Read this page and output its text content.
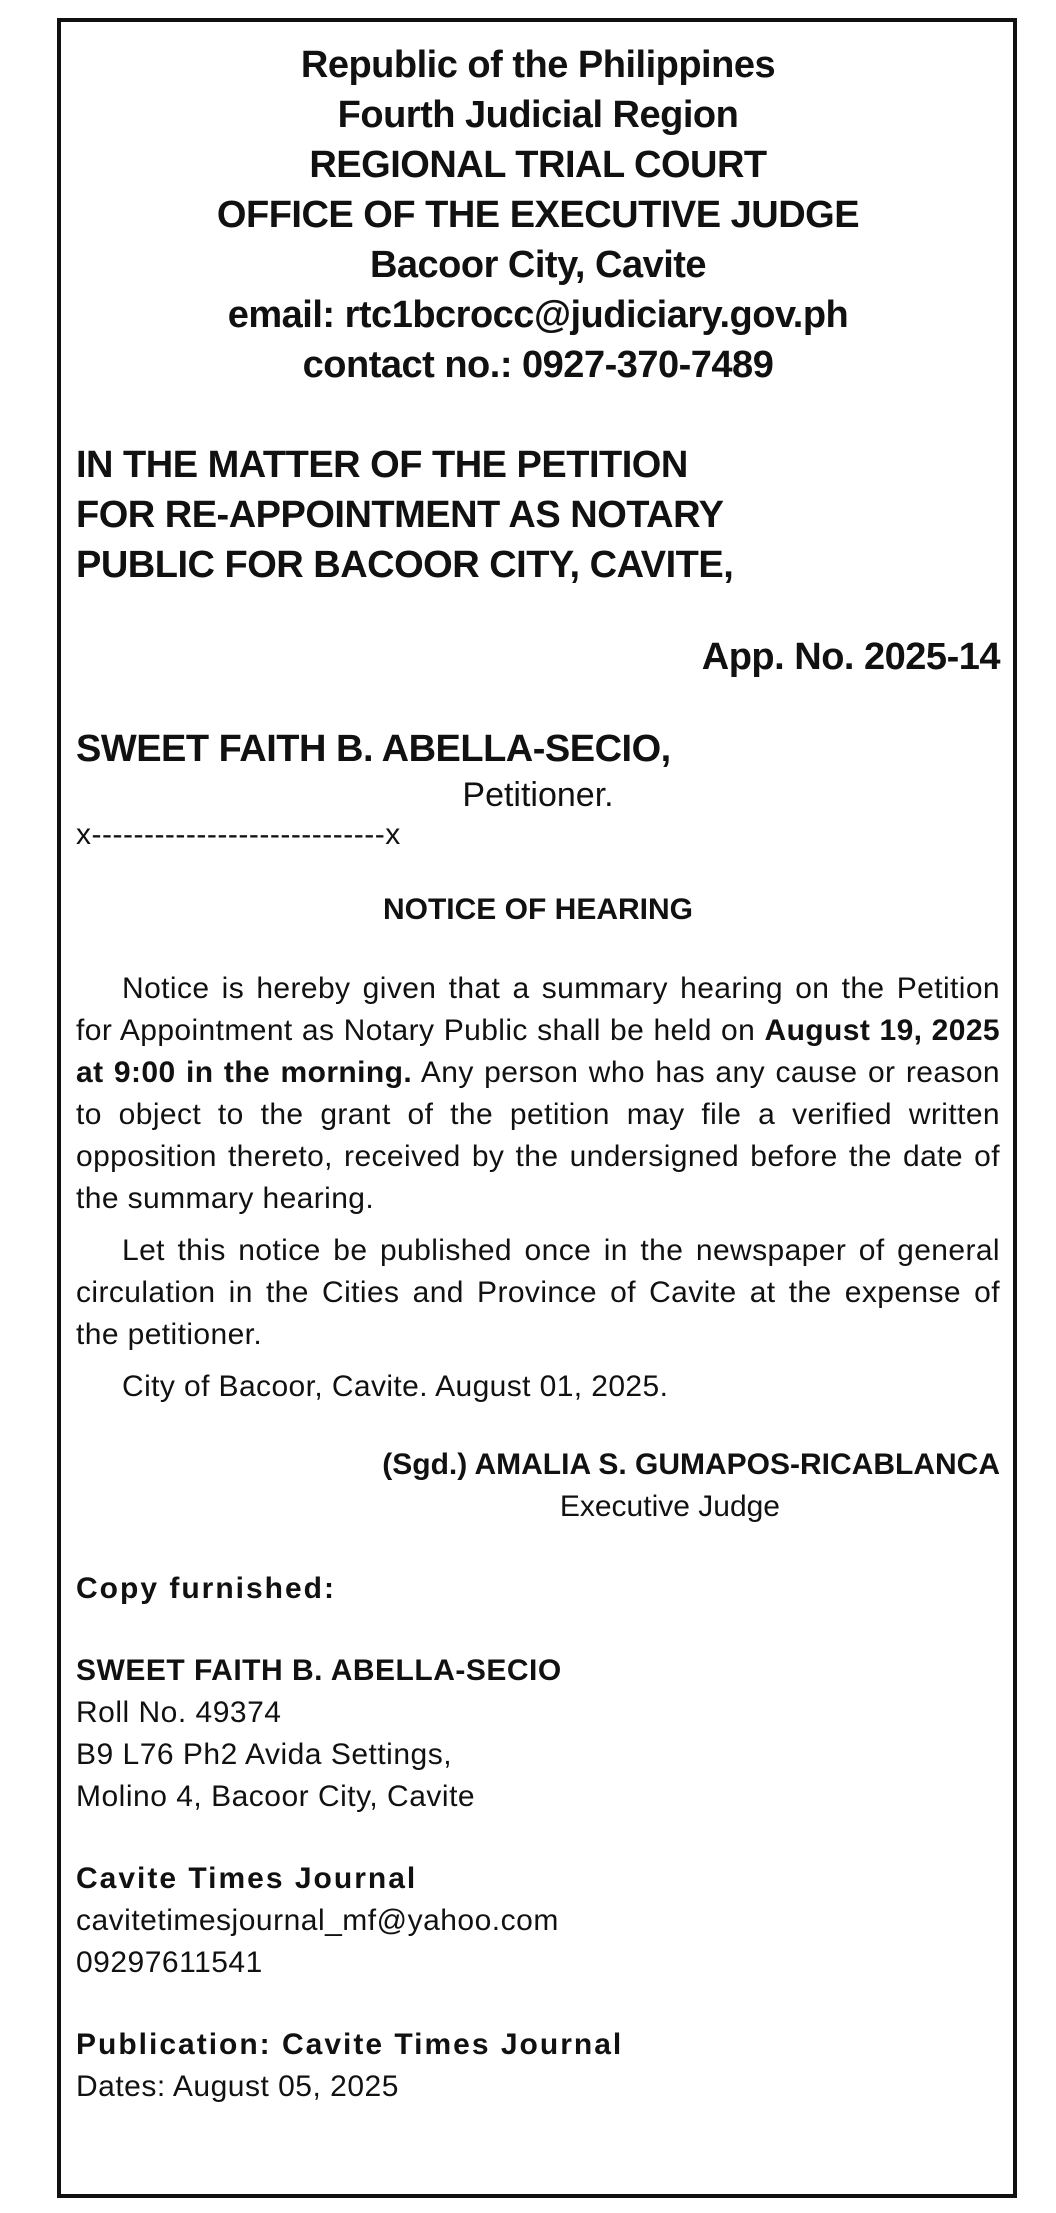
Republic of the Philippines
Fourth Judicial Region
REGIONAL TRIAL COURT
OFFICE OF THE EXECUTIVE JUDGE
Bacoor City, Cavite
email: rtc1bcrocc@judiciary.gov.ph
contact no.: 0927-370-7489
IN THE MATTER OF THE PETITION
FOR RE-APPOINTMENT AS NOTARY
PUBLIC FOR BACOOR CITY, CAVITE,
App. No. 2025-14
SWEET FAITH B. ABELLA-SECIO,
Petitioner.
x----------------------------x
NOTICE OF HEARING
Notice is hereby given that a summary hearing on the Petition for Appointment as Notary Public shall be held on August 19, 2025 at 9:00 in the morning. Any person who has any cause or reason to object to the grant of the petition may file a verified written opposition thereto, received by the undersigned before the date of the summary hearing.
Let this notice be published once in the newspaper of general circulation in the Cities and Province of Cavite at the expense of the petitioner.
City of Bacoor, Cavite. August 01, 2025.
(Sgd.) AMALIA S. GUMAPOS-RICABLANCA
Executive Judge
Copy furnished:
SWEET FAITH B. ABELLA-SECIO
Roll No. 49374
B9 L76 Ph2 Avida Settings,
Molino 4, Bacoor City, Cavite
Cavite Times Journal
cavitetimesjournal_mf@yahoo.com
09297611541
Publication: Cavite Times Journal
Dates: August 05, 2025
